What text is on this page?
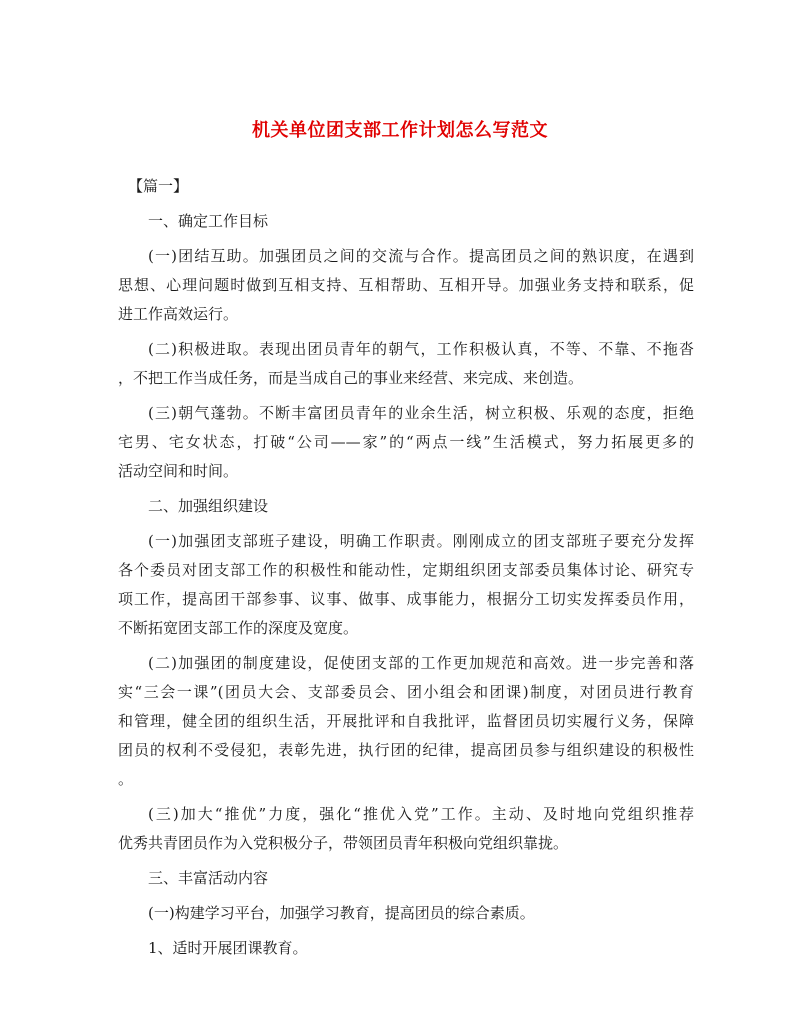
机关单位团支部工作计划怎么写范文
【篇一】
一、确定工作目标
(一)团结互助。加强团员之间的交流与合作。提高团员之间的熟识度，在遇到
思想、心理问题时做到互相支持、互相帮助、互相开导。加强业务支持和联系，促
进工作高效运行。
(二)积极进取。表现出团员青年的朝气，工作积极认真，不等、不靠、不拖沓
，不把工作当成任务，而是当成自己的事业来经营、来完成、来创造。
(三)朝气蓬勃。不断丰富团员青年的业余生活，树立积极、乐观的态度，拒绝
宅男、宅女状态，打破“公司——家”的“两点一线”生活模式，努力拓展更多的
活动空间和时间。
二、加强组织建设
(一)加强团支部班子建设，明确工作职责。刚刚成立的团支部班子要充分发挥
各个委员对团支部工作的积极性和能动性，定期组织团支部委员集体讨论、研究专
项工作，提高团干部参事、议事、做事、成事能力，根据分工切实发挥委员作用，
不断拓宽团支部工作的深度及宽度。
(二)加强团的制度建设，促使团支部的工作更加规范和高效。进一步完善和落
实“三会一课”(团员大会、支部委员会、团小组会和团课)制度，对团员进行教育
和管理，健全团的组织生活，开展批评和自我批评，监督团员切实履行义务，保障
团员的权利不受侵犯，表彰先进，执行团的纪律，提高团员参与组织建设的积极性
。
(三)加大“推优”力度，强化“推优入党”工作。主动、及时地向党组织推荐
优秀共青团员作为入党积极分子，带领团员青年积极向党组织靠拢。
三、丰富活动内容
(一)构建学习平台，加强学习教育，提高团员的综合素质。
1、适时开展团课教育。
